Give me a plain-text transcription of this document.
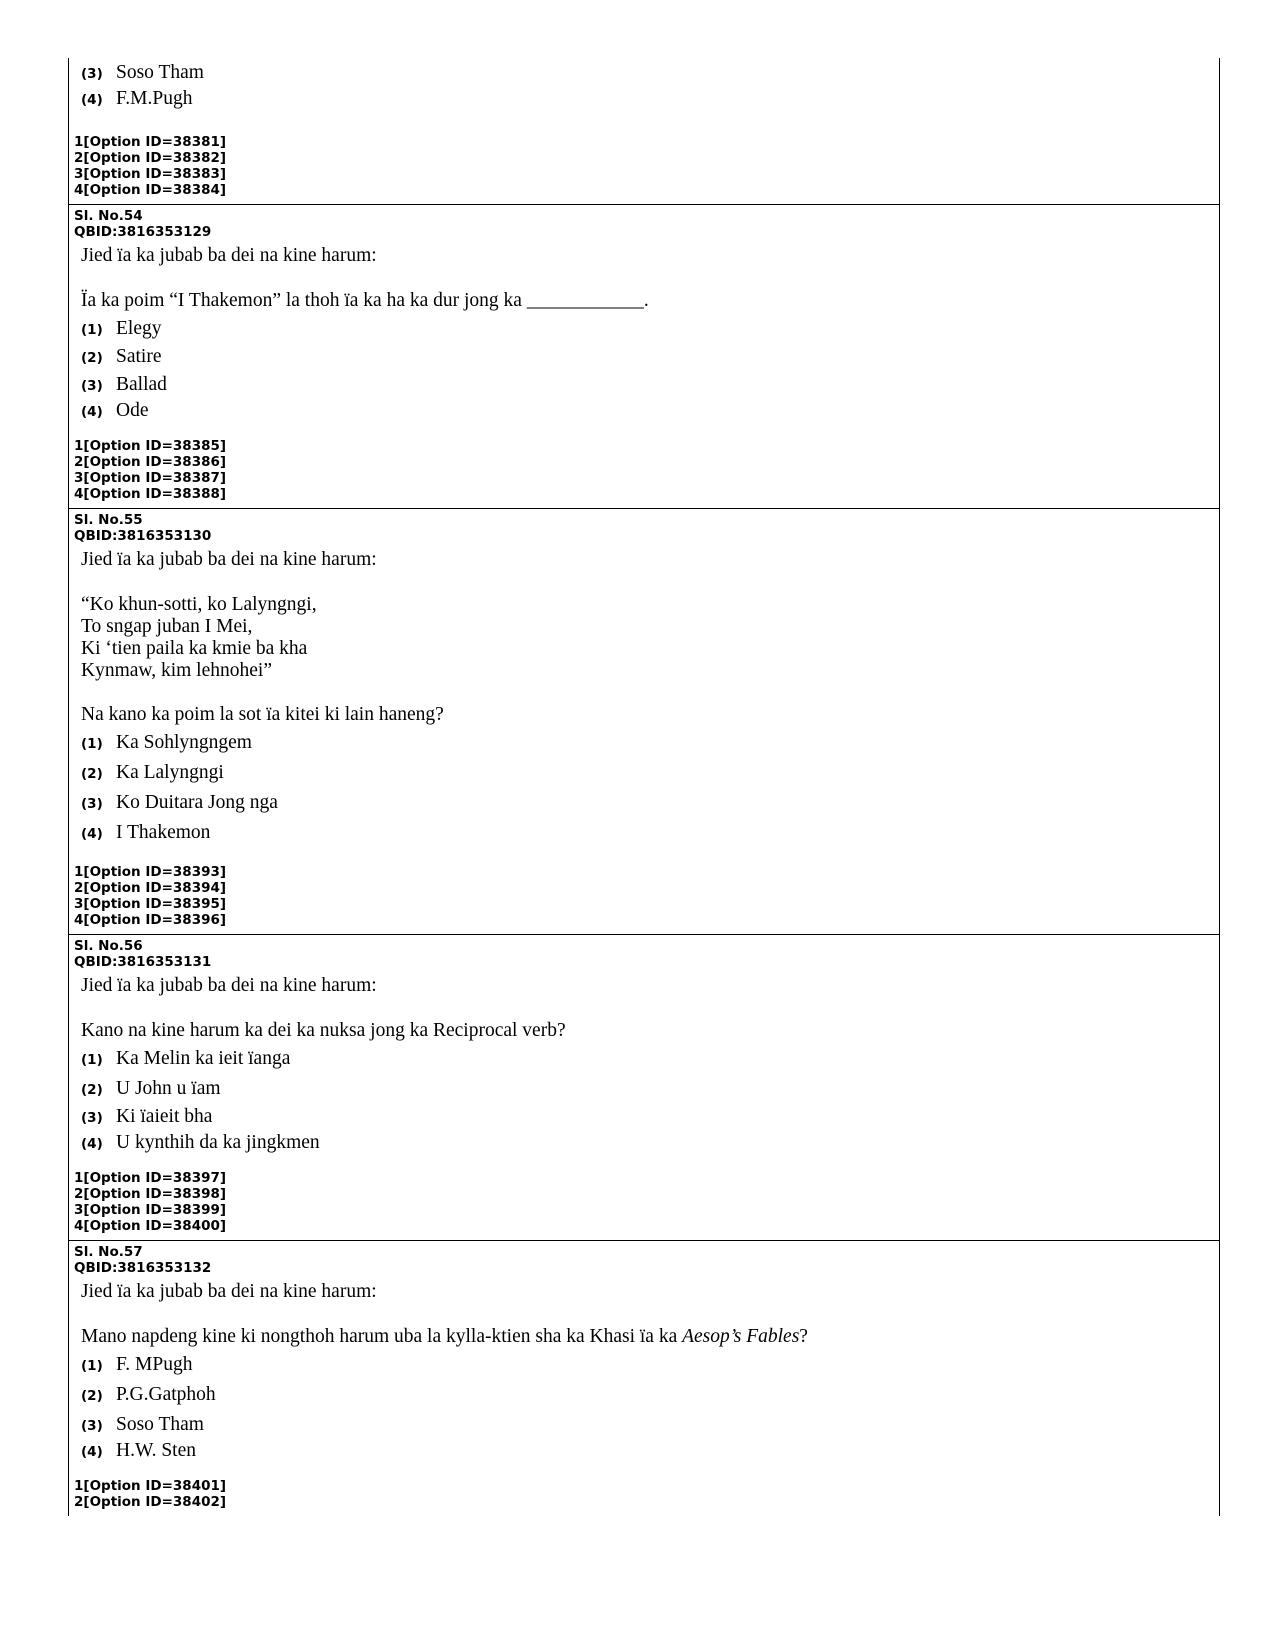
(3) Soso Tham
(4) F.M.Pugh
1[Option ID=38381]
2[Option ID=38382]
3[Option ID=38383]
4[Option ID=38384]
Sl. No.54
QBID:3816353129
Jied ïa ka jubab ba dei na kine harum:
Ïa ka poim “I Thakemon” la thoh ïa ka ha ka dur jong ka ____________.
(1) Elegy
(2) Satire
(3) Ballad
(4) Ode
1[Option ID=38385]
2[Option ID=38386]
3[Option ID=38387]
4[Option ID=38388]
Sl. No.55
QBID:3816353130
Jied ïa ka jubab ba dei na kine harum:
“Ko khun-sotti, ko Lalyngngi,
To sngap juban I Mei,
Ki ‘tien paila ka kmie ba kha
Kynmaw, kim lehnohei”
Na kano ka poim la sot ïa kitei ki lain haneng?
(1) Ka Sohlyngngem
(2) Ka Lalyngngi
(3) Ko Duitara Jong nga
(4) I Thakemon
1[Option ID=38393]
2[Option ID=38394]
3[Option ID=38395]
4[Option ID=38396]
Sl. No.56
QBID:3816353131
Jied ïa ka jubab ba dei na kine harum:
Kano na kine harum ka dei ka nuksa jong ka Reciprocal verb?
(1) Ka Melin ka ieit ïanga
(2) U John u ïam
(3) Ki ïaieit bha
(4) U kynthih da ka jingkmen
1[Option ID=38397]
2[Option ID=38398]
3[Option ID=38399]
4[Option ID=38400]
Sl. No.57
QBID:3816353132
Jied ïa ka jubab ba dei na kine harum:
Mano napdeng kine ki nongthoh harum uba la kylla-ktien sha ka Khasi ïa ka Aesop’s Fables?
(1) F. MPugh
(2) P.G.Gatphoh
(3) Soso Tham
(4) H.W. Sten
1[Option ID=38401]
2[Option ID=38402]
